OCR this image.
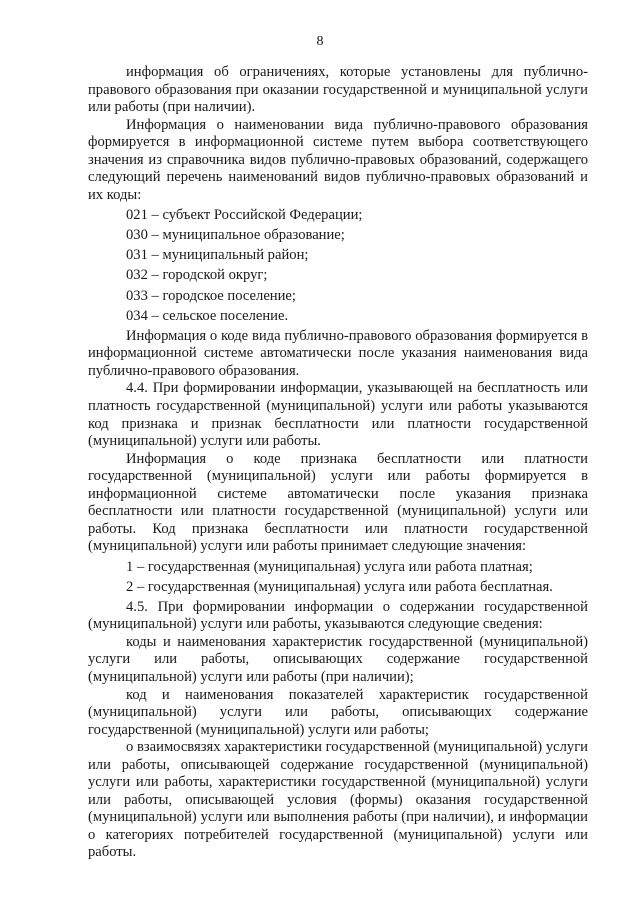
8

информация об ограничениях, которые установлены для публично-правового образования при оказании государственной и муниципальной услуги или работы (при наличии).

Информация о наименовании вида публично-правового образования формируется в информационной системе путем выбора соответствующего значения из справочника видов публично-правовых образований, содержащего следующий перечень наименований видов публично-правовых образований и их коды:

021 – субъект Российской Федерации;

030 – муниципальное образование;

031 – муниципальный район;

032 – городской округ;

033 – городское поселение;

034 – сельское поселение.

Информация о коде вида публично-правового образования формируется в информационной системе автоматически после указания наименования вида публично-правового образования.

4.4. При формировании информации, указывающей на бесплатность или платность государственной (муниципальной) услуги или работы указываются код признака и признак бесплатности или платности государственной (муниципальной) услуги или работы.

Информация о коде признака бесплатности или платности государственной (муниципальной) услуги или работы формируется в информационной системе автоматически после указания признака бесплатности или платности государственной (муниципальной) услуги или работы. Код признака бесплатности или платности государственной (муниципальной) услуги или работы принимает следующие значения:

1 – государственная (муниципальная) услуга или работа платная;

2 – государственная (муниципальная) услуга или работа бесплатная.

4.5. При формировании информации о содержании государственной (муниципальной) услуги или работы, указываются следующие сведения:

коды и наименования характеристик государственной (муниципальной) услуги или работы, описывающих содержание государственной (муниципальной) услуги или работы (при наличии);

код и наименования показателей характеристик государственной (муниципальной) услуги или работы, описывающих содержание государственной (муниципальной) услуги или работы;

о взаимосвязях характеристики государственной (муниципальной) услуги или работы, описывающей содержание государственной (муниципальной) услуги или работы, характеристики государственной (муниципальной) услуги или работы, описывающей условия (формы) оказания государственной (муниципальной) услуги или выполнения работы (при наличии), и информации о категориях потребителей государственной (муниципальной) услуги или работы.
